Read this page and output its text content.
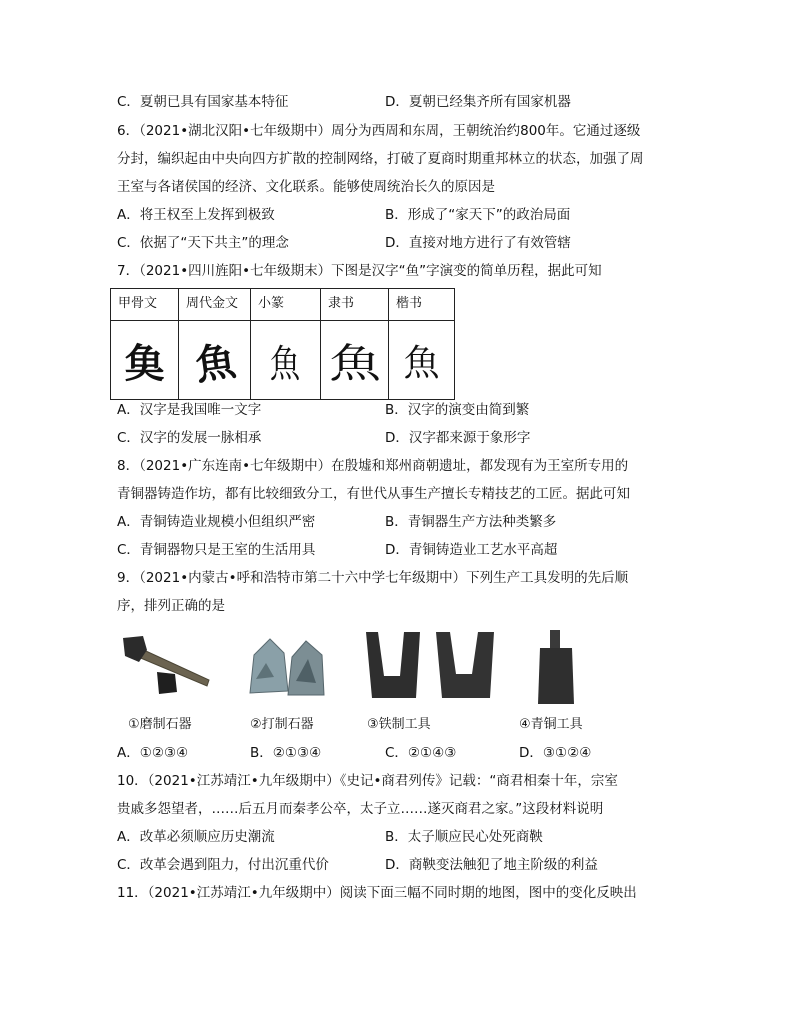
C．夏朝已具有国家基本特征	D．夏朝已经集齐所有国家机器
6．（2021•湖北汉阳•七年级期中）周分为西周和东周，王朝统治约800年。它通过逐级
分封，编织起由中央向四方扩散的控制网络，打破了夏商时期重邦林立的状态，加强了周
王室与各诸侯国的经济、文化联系。能够使周统治长久的原因是
A．将王权至上发挥到极致	B．形成了“家天下”的政治局面
C．依据了“天下共主”的理念	D．直接对地方进行了有效管辖
7．（2021•四川旌阳•七年级期末）下图是汉字“鱼”字演变的简单历程，据此可知
甲骨文	周代金文	小篆	隶书	楷书
𩵋	魚	魚	魚	魚
A．汉字是我国唯一文字	B．汉字的演变由简到繁
C．汉字的发展一脉相承	D．汉字都来源于象形字
8．（2021•广东连南•七年级期中）在殷墟和郑州商朝遗址，都发现有为王室所专用的
青铜器铸造作坊，都有比较细致分工，有世代从事生产擅长专精技艺的工匠。据此可知
A．青铜铸造业规模小但组织严密	B．青铜器生产方法种类繁多
C．青铜器物只是王室的生活用具	D．青铜铸造业工艺水平高超
9．（2021•内蒙古•呼和浩特市第二十六中学七年级期中）下列生产工具发明的先后顺
序，排列正确的是
①磨制石器	②打制石器	③铁制工具	④青铜工具
A．①②③④	B．②①③④	C．②①④③	D．③①②④
10．（2021•江苏靖江•九年级期中）《史记•商君列传》记载：“商君相秦十年，宗室
贵戚多怨望者，……后五月而秦孝公卒，太子立……遂灭商君之家。”这段材料说明
A．改革必须顺应历史潮流	B．太子顺应民心处死商鞅
C．改革会遇到阻力，付出沉重代价	D．商鞅变法触犯了地主阶级的利益
11．（2021•江苏靖江•九年级期中）阅读下面三幅不同时期的地图，图中的变化反映出
